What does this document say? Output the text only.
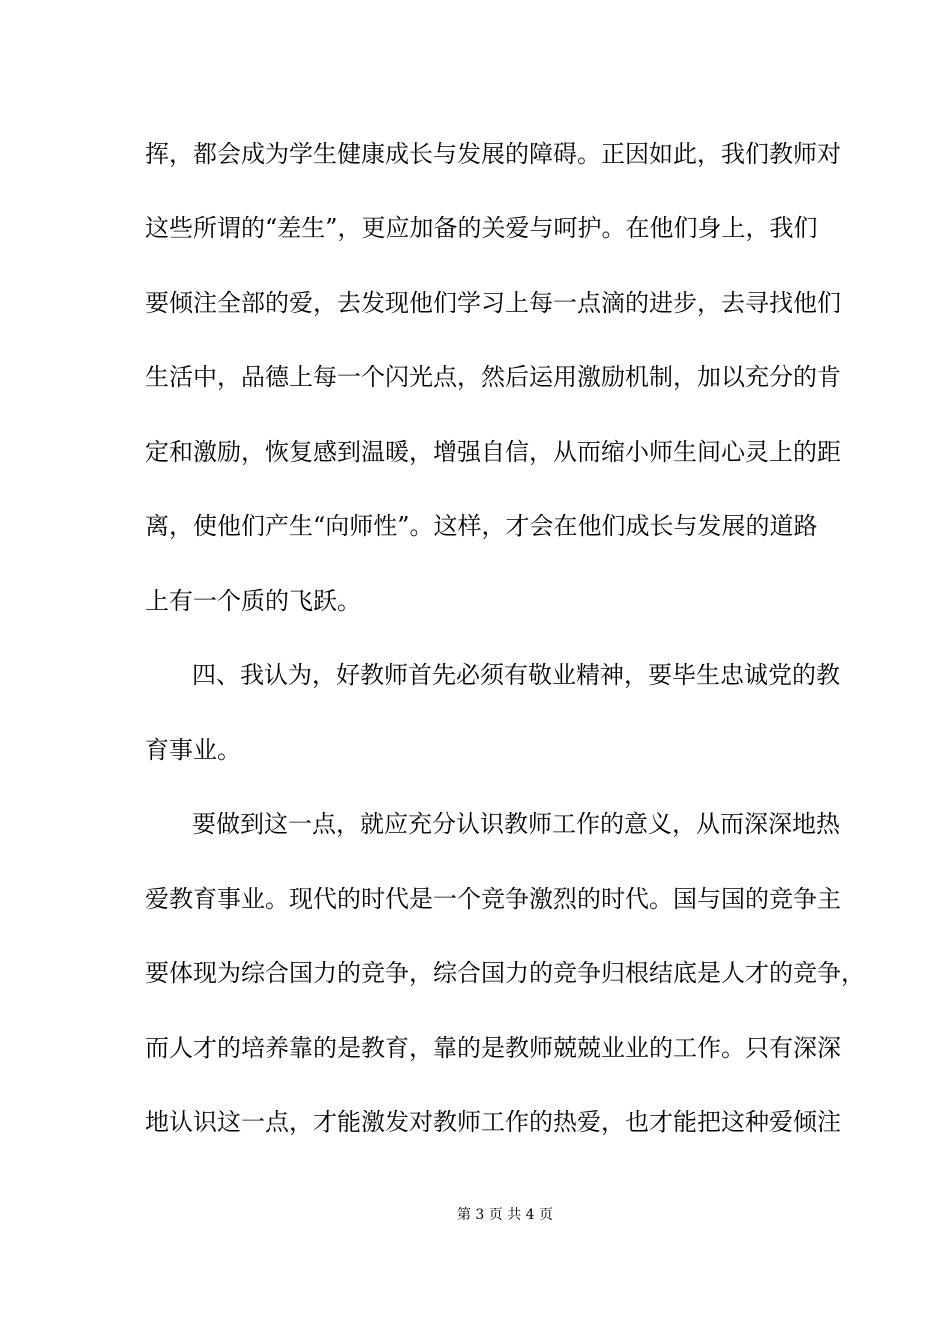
挥，都会成为学生健康成长与发展的障碍。正因如此，我们教师对
这些所谓的“差生”，更应加备的关爱与呵护。在他们身上，我们
要倾注全部的爱，去发现他们学习上每一点滴的进步，去寻找他们
生活中，品德上每一个闪光点，然后运用激励机制，加以充分的肯
定和激励，恢复感到温暖，增强自信，从而缩小师生间心灵上的距
离，使他们产生“向师性”。这样，才会在他们成长与发展的道路
上有一个质的飞跃。
四、我认为，好教师首先必须有敬业精神，要毕生忠诚党的教
育事业。
要做到这一点，就应充分认识教师工作的意义，从而深深地热
爱教育事业。现代的时代是一个竞争激烈的时代。国与国的竞争主
要体现为综合国力的竞争，综合国力的竞争归根结底是人才的竞争，
而人才的培养靠的是教育，靠的是教师兢兢业业的工作。只有深深
地认识这一点，才能激发对教师工作的热爱，也才能把这种爱倾注
第 3 页 共 4 页
